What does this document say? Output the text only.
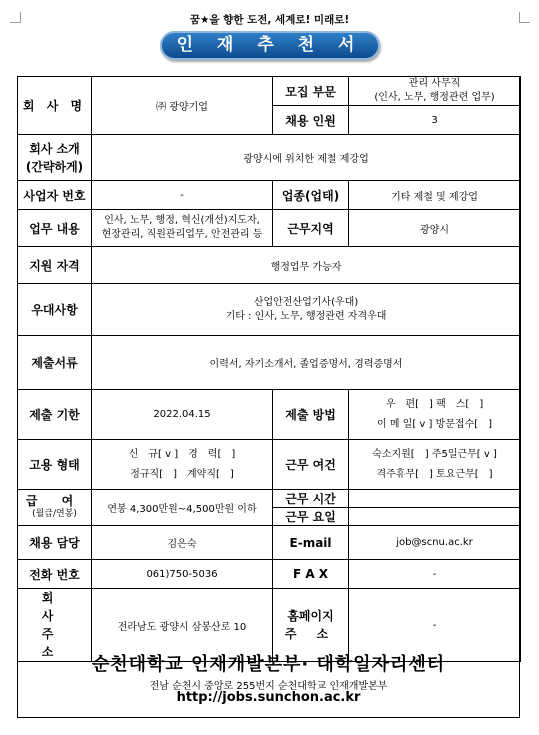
꿈★을 향한 도전, 세계로! 미래로!
인 재 추 천 서
회 사 명	㈜ 광양기업	모집 부문	관리 사무직
(인사, 노무, 행정관련 업무)

		채용 인원	3

회사 소개
(간략하게)	광양시에 위치한 제철 제강업		
사업자 번호	-	업종(업태)	기타 제철 및 제강업
업무 내용	인사, 노무, 행정, 혁신(개선)지도자,
현장관리, 직원관리업무, 안전관리 등	근무지역	광양시
지원 자격	행정업무 가능자		
우대사항	산업안전산업기사(우대)
기타 : 인사, 노무, 행정관련 자격우대		

제출서류	이력서, 자기소개서, 졸업증명서, 경력증명서		
제출 기한	2022.04.15	제출 방법	우　편[　] 팩　스[　]
이 메 일[ v ] 방문접수[　]

고용 형태	신　규[ v ]　경　력[　]
정규직[　]　계약직[　]	근무 여건	숙소지원[　] 주5일근무[ v ]
격주휴무[　] 토요근무[　]

급 여
(월급/연봉)	연봉 4,300만원~4,500만원 이하	근무 시간	
		근무 요일	
채용 담당	김은숙	E-mail	job@scnu.ac.kr
전화 번호	061)750-5036	F A X	-

회 사
주 소	전라남도 광양시 삼봉산로 10	홈페이지
주 소	-
순천대학교 인재개발본부· 대학일자리센터
전남 순천시 중앙로 255번지 순천대학교 인재개발본부
http://jobs.sunchon.ac.kr
